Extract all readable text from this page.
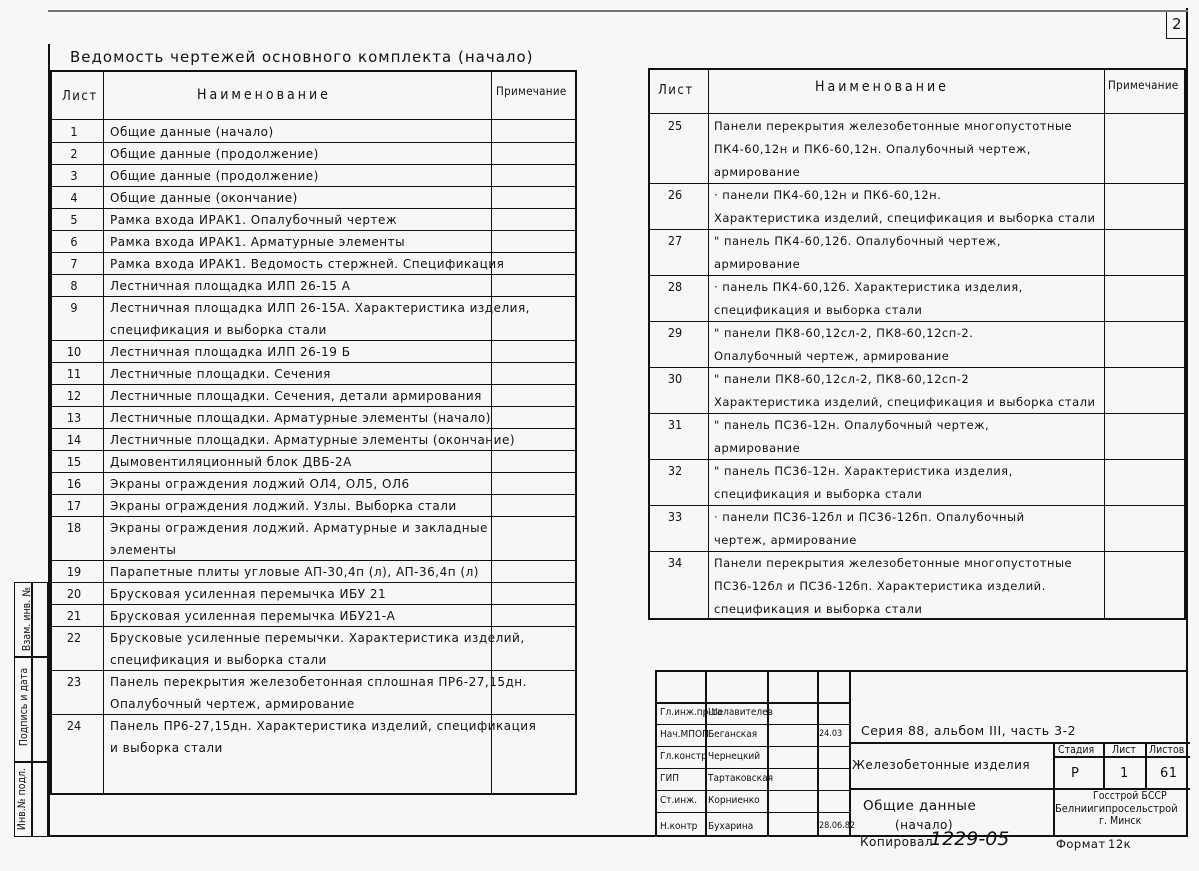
2
Ведомость чертежей основного комплекта (начало)
Лист	Наименование	Примечание
1	Общие данные (начало)
2	Общие данные (продолжение)
3	Общие данные (продолжение)
4	Общие данные (окончание)
5	Рамка входа ИРАК1. Опалубочный чертеж
6	Рамка входа ИРАК1. Арматурные элементы
7	Рамка входа ИРАК1. Ведомость стержней. Спецификация
8	Лестничная площадка ИЛП 26-15 А
9	Лестничная площадка ИЛП 26-15А. Характеристика изделия,
спецификация и выборка стали
10	Лестничная площадка ИЛП 26-19 Б
11	Лестничные площадки. Сечения
12	Лестничные площадки. Сечения, детали армирования
13	Лестничные площадки. Арматурные элементы (начало)
14	Лестничные площадки. Арматурные элементы (окончание)
15	Дымовентиляционный блок ДВБ-2А
16	Экраны ограждения лоджий ОЛ4, ОЛ5, ОЛ6
17	Экраны ограждения лоджий. Узлы. Выборка стали
18	Экраны ограждения лоджий. Арматурные и закладные
элементы
19	Парапетные плиты угловые АП-30,4п (л), АП-36,4п (л)
20	Брусковая усиленная перемычка ИБУ 21
21	Брусковая усиленная перемычка ИБУ21-А
22	Брусковые усиленные перемычки. Характеристика изделий,
спецификация и выборка стали
23	Панель перекрытия железобетонная сплошная ПР6-27,15дн.
Опалубочный чертеж, армирование
24	Панель ПР6-27,15дн. Характеристика изделий, спецификация
и выборка стали
Лист	Наименование	Примечание
25	Панели перекрытия железобетонные многопустотные
ПК4-60,12н и ПК6-60,12н. Опалубочный чертеж,
армирование
26	· панели ПК4-60,12н и ПК6-60,12н.
Характеристика изделий, спецификация и выборка стали
27	" панель ПК4-60,12б. Опалубочный чертеж,
армирование
28	· панель ПК4-60,12б. Характеристика изделия,
спецификация и выборка стали
29	" панели ПК8-60,12сл-2, ПК8-60,12сп-2.
Опалубочный чертеж, армирование
30	" панели ПК8-60,12сл-2, ПК8-60,12сп-2
Характеристика изделий, спецификация и выборка стали
31	" панель ПС36-12н. Опалубочный чертеж,
армирование
32	" панель ПС36-12н. Характеристика изделия,
спецификация и выборка стали
33	· панели ПС36-12бл и ПС36-12бп. Опалубочный
чертеж, армирование
34	Панели перекрытия железобетонные многопустотные
ПС36-12бл и ПС36-12бп. Характеристика изделий.
спецификация и выборка стали
Взам. инв. №
Подпись и дата
Инв.№ подл.
Гл.инж.пр-та
Шелавителев
Нач.МПОП Беганская	24.03
Гл.констр Чернецкий
ГИП	Тартаковская
Ст.инж. Корниенко
Н.контр Бухарина	28.06.82
Серия 88, альбом III, часть 3-2
Железобетонные изделия
Стадия Лист Листов
Р	1 61
Общие данные
(начало)
Госстрой БССР
Белниигипросельстрой
г. Минск
Копировал
1229-05	Формат 12к
